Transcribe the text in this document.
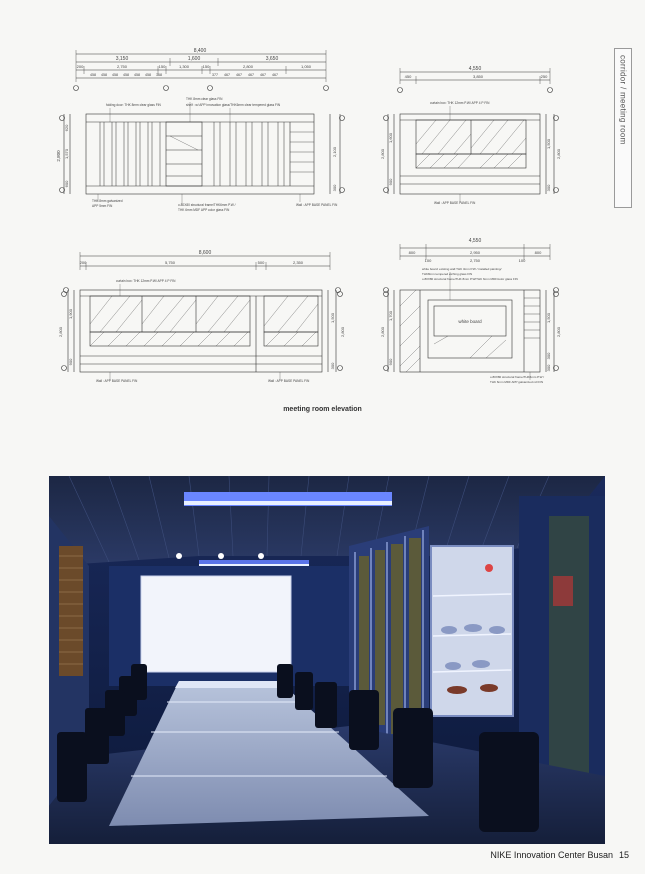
corridor / meeting room
8,400
3,150	1,600	3,650
200	2,750	150	1,300	150	2,800	1,050
458 458 458 458 458 458 368	377 467 467 467 467 467
2,800
620
1,570
600
2,100
300
folding door: THK 8mm clear glass FIN
THK 8mm clear glass FIN
shelf : w/ APP innovation glass/THK6mm clear tempered glass FIN
THK 8mm galvanized
APP 5mm FIN	o.80X80 structural frame/THK6mm P.W /
THK 6mm MDF APP color glass FIN
Wall : APP BASE PANEL FIN
4,550
450	3,850	250
2,800
1,600
900
1,500
2,800
300
curtain box: THK 12mm P.W/ APP 4 P FIN
Wall : APP BASE PANEL FIN
8,600
200	5,750	500	2,350
2,800
1,900
900
1,500
2,800
300
curtain box: THK 12mm P.W/ APP 4 P FIN
Wall : APP BASE PANEL FIN	Wall : APP BASE PANEL FIN
4,550
800	2,950	800
100	2,750	100
2,800
1,700
900
1,500
2,800
300
300
white board
white board: existing wall THK 3mm P.W / installed painting/
THK8mm tempered etching glass FIN
o.80X80 structural frame/THK 8mm P.W/THK 6mm MDF/color glass FIN
o.80X80 structural frame/THK6mm P.W /
THK 6mm MDF APP galvanized roll FIN
meeting room elevation
NIKE Innovation Center Busan 15
